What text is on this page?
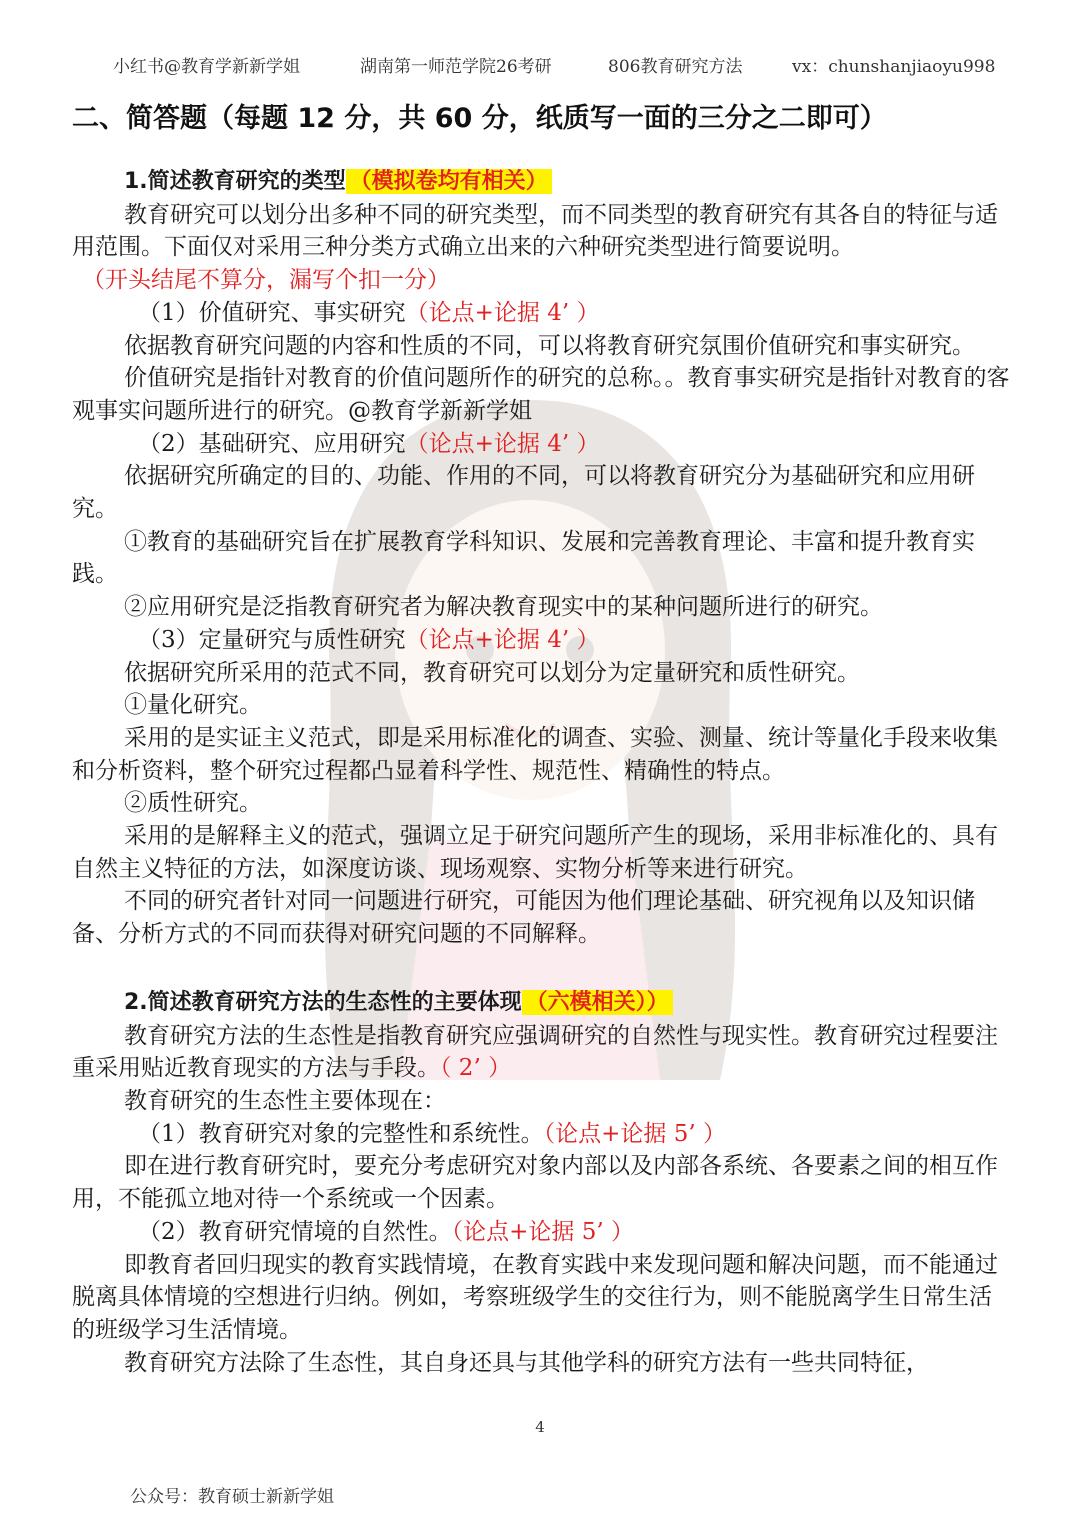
小红书@教育学新新学姐	湖南第一师范学院26考研	806教育研究方法	vx：chunshanjiaoyu998
二、简答题（每题 12 分，共 60 分，纸质写一面的三分之二即可）

1.简述教育研究的类型 （模拟卷均有相关）

教育研究可以划分出多种不同的研究类型，而不同类型的教育研究有其各自的特征与适用范围。下面仅对采用三种分类方式确立出来的六种研究类型进行简要说明。

（开头结尾不算分，漏写个扣一分）

（1）价值研究、事实研究（论点+论据 4’ ）

依据教育研究问题的内容和性质的不同，可以将教育研究氛围价值研究和事实研究。

价值研究是指针对教育的价值问题所作的研究的总称。。教育事实研究是指针对教育的客观事实问题所进行的研究。@教育学新新学姐

（2）基础研究、应用研究（论点+论据 4’ ）

依据研究所确定的目的、功能、作用的不同，可以将教育研究分为基础研究和应用研究。

①教育的基础研究旨在扩展教育学科知识、发展和完善教育理论、丰富和提升教育实践。

②应用研究是泛指教育研究者为解决教育现实中的某种问题所进行的研究。

（3）定量研究与质性研究（论点+论据 4’ ）

依据研究所采用的范式不同，教育研究可以划分为定量研究和质性研究。

①量化研究。

采用的是实证主义范式，即是采用标准化的调查、实验、测量、统计等量化手段来收集和分析资料，整个研究过程都凸显着科学性、规范性、精确性的特点。

②质性研究。

采用的是解释主义的范式，强调立足于研究问题所产生的现场，采用非标准化的、具有自然主义特征的方法，如深度访谈、现场观察、实物分析等来进行研究。

不同的研究者针对同一问题进行研究，可能因为他们理论基础、研究视角以及知识储备、分析方式的不同而获得对研究问题的不同解释。

2.简述教育研究方法的生态性的主要体现 （六模相关））

教育研究方法的生态性是指教育研究应强调研究的自然性与现实性。教育研究过程要注重采用贴近教育现实的方法与手段。（ 2’ ）

教育研究的生态性主要体现在：

（1）教育研究对象的完整性和系统性。（论点+论据 5’ ）

即在进行教育研究时，要充分考虑研究对象内部以及内部各系统、各要素之间的相互作用，不能孤立地对待一个系统或一个因素。

（2）教育研究情境的自然性。（论点+论据 5’ ）

即教育者回归现实的教育实践情境，在教育实践中来发现问题和解决问题，而不能通过脱离具体情境的空想进行归纳。例如，考察班级学生的交往行为，则不能脱离学生日常生活的班级学习生活情境。

教育研究方法除了生态性，其自身还具与其他学科的研究方法有一些共同特征，

4
公众号：教育硕士新新学姐
